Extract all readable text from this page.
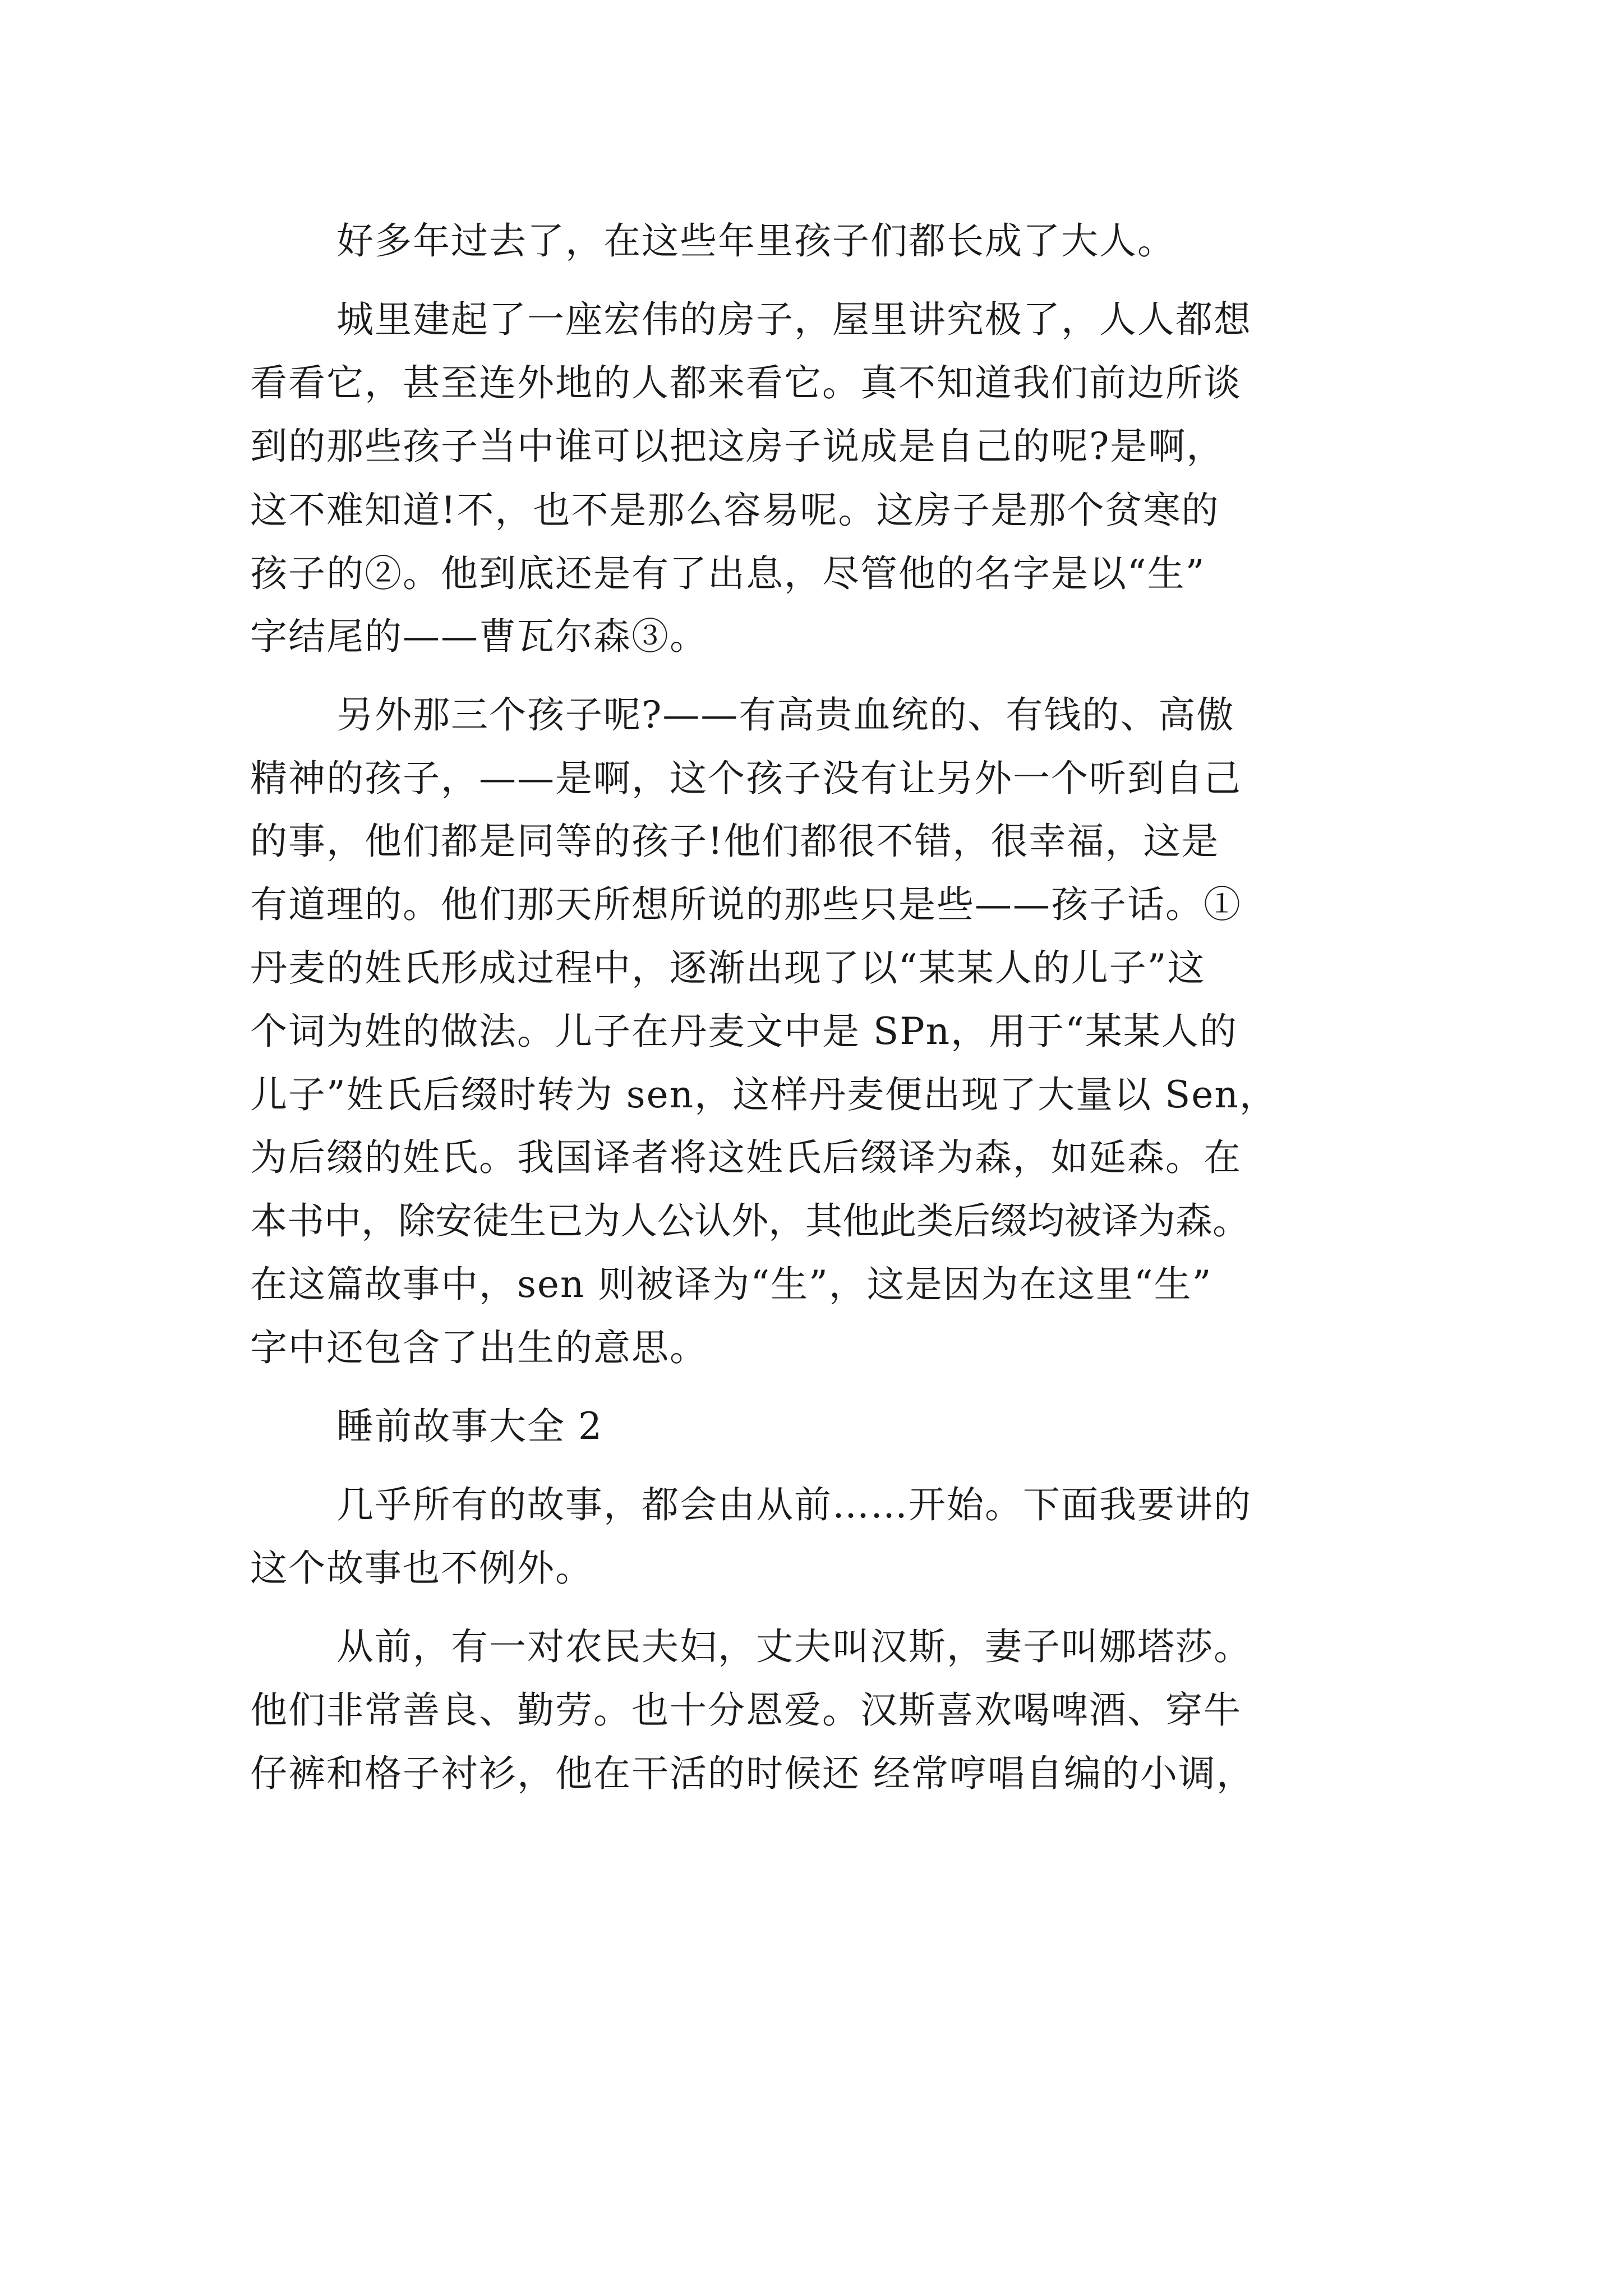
好多年过去了，在这些年里孩子们都长成了大人。
城里建起了一座宏伟的房子，屋里讲究极了，人人都想
看看它，甚至连外地的人都来看它。真不知道我们前边所谈
到的那些孩子当中谁可以把这房子说成是自己的呢?是啊，
这不难知道!不，也不是那么容易呢。这房子是那个贫寒的
孩子的②。他到底还是有了出息，尽管他的名字是以“生”
字结尾的——曹瓦尔森③。
另外那三个孩子呢?——有高贵血统的、有钱的、高傲
精神的孩子，——是啊，这个孩子没有让另外一个听到自己
的事，他们都是同等的孩子!他们都很不错，很幸福，这是
有道理的。他们那天所想所说的那些只是些——孩子话。①
丹麦的姓氏形成过程中，逐渐出现了以“某某人的儿子”这
个词为姓的做法。儿子在丹麦文中是 SPn，用于“某某人的
儿子”姓氏后缀时转为 sen，这样丹麦便出现了大量以 Sen，
为后缀的姓氏。我国译者将这姓氏后缀译为森，如延森。在
本书中，除安徒生已为人公认外，其他此类后缀均被译为森。
在这篇故事中，sen 则被译为“生”，这是因为在这里“生”
字中还包含了出生的意思。
睡前故事大全 2
几乎所有的故事，都会由从前……开始。下面我要讲的
这个故事也不例外。
从前，有一对农民夫妇，丈夫叫汉斯，妻子叫娜塔莎。
他们非常善良、勤劳。也十分恩爱。汉斯喜欢喝啤酒、穿牛
仔裤和格子衬衫，他在干活的时候还 经常哼唱自编的小调，
